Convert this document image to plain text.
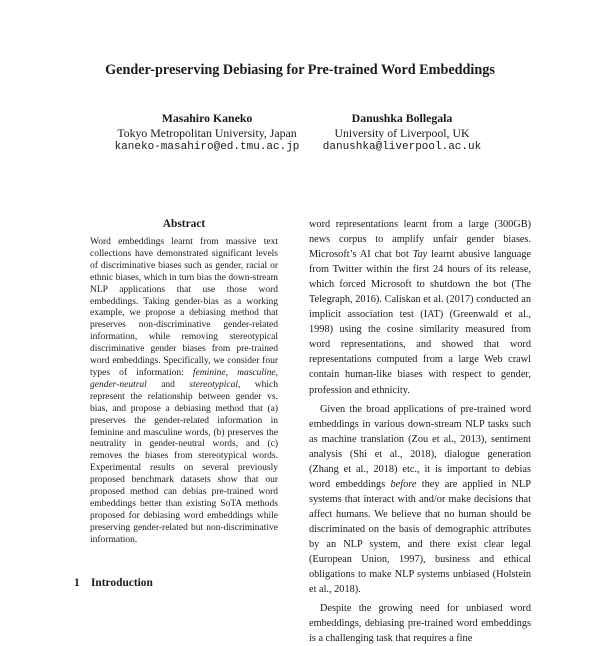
Gender-preserving Debiasing for Pre-trained Word Embeddings
Masahiro Kaneko
Tokyo Metropolitan University, Japan
kaneko-masahiro@ed.tmu.ac.jp
Danushka Bollegala
University of Liverpool, UK
danushka@liverpool.ac.uk
Abstract
Word embeddings learnt from massive text collections have demonstrated significant levels of discriminative biases such as gender, racial or ethnic biases, which in turn bias the down-stream NLP applications that use those word embeddings. Taking gender-bias as a working example, we propose a debiasing method that preserves non-discriminative gender-related information, while removing stereotypical discriminative gender biases from pre-trained word embeddings. Specifically, we consider four types of information: feminine, masculine, gender-neutral and stereotypical, which represent the relationship between gender vs. bias, and propose a debiasing method that (a) preserves the gender-related information in feminine and masculine words, (b) preserves the neutrality in gender-neutral words, and (c) removes the biases from stereotypical words. Experimental results on several previously proposed benchmark datasets show that our proposed method can debias pre-trained word embeddings better than existing SoTA methods proposed for debiasing word embeddings while preserving gender-related but non-discriminative information.
1 Introduction

word representations learnt from a large (300GB) news corpus to amplify unfair gender biases. Microsoft’s AI chat bot Tay learnt abusive language from Twitter within the first 24 hours of its release, which forced Microsoft to shutdown the bot (The Telegraph, 2016). Caliskan et al. (2017) conducted an implicit association test (IAT) (Greenwald et al., 1998) using the cosine similarity measured from word representations, and showed that word representations computed from a large Web crawl contain human-like biases with respect to gender, profession and ethnicity.

Given the broad applications of pre-trained word embeddings in various down-stream NLP tasks such as machine translation (Zou et al., 2013), sentiment analysis (Shi et al., 2018), dialogue generation (Zhang et al., 2018) etc., it is important to debias word embeddings before they are applied in NLP systems that interact with and/or make decisions that affect humans. We believe that no human should be discriminated on the basis of demographic attributes by an NLP system, and there exist clear legal (European Union, 1997), business and ethical obligations to make NLP systems unbiased (Holstein et al., 2018).

Despite the growing need for unbiased word embeddings, debiasing pre-trained word embeddings is a challenging task that requires a fine
